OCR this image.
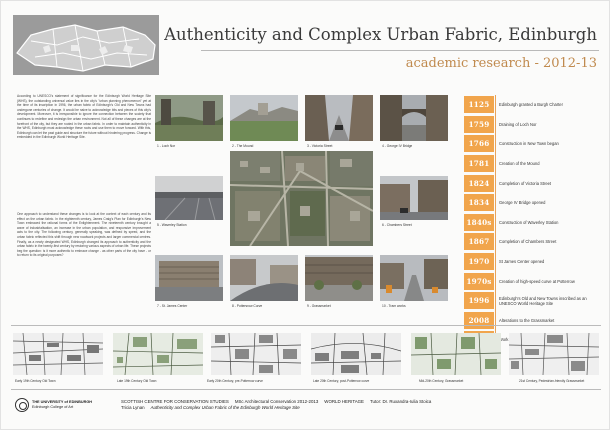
Authenticity and Complex Urban Fabric, Edinburgh
academic research - 2012-13

According to UNESCO's statement of significance for the Edinburgh World Heritage Site (WHS), the outstanding universal value lies in the city's "urban planning phenomenon" yet at the time of its inscription in 1996, the urban fabric of Edinburgh's Old and New Towns had undergone centuries of change. It would be naive to acknowledge bits and pieces of this city's development. Moreover, it is irresponsible to ignore the connection between the society that continues to redefine and redesign the urban environment. Not all of these changes are at the forefront of the city, but they are rooted in the urban fabric. In order to maintain authenticity in the WHS, Edinburgh must acknowledge these roots and use them to move forward. With this, Edinburgh can let the past guide and structure the future without hindering progress. Change is embedded in the Edinburgh World Heritage Site.

One approach to understand these changes is to look at the context of each century and its effect on the urban fabric. In the eighteenth century, James Craig's Plan for Edinburgh's New Town embraced the rational forms of the Enlightenment. The nineteenth century brought a wave of industrialisation, an increase in the urban population, and responsive improvement acts to the city. The following century, generally speaking, was defined by speed, and the urban fabric reflected this shift through new roadwork projects and larger commercial centres. Finally, as a newly designated WHS, Edinburgh changed its approach to authenticity and the urban fabric in the twenty-first century by restoring various aspects of urban life. These projects beg the question: is it more authentic to embrace change - as other parts of the city have - or to return to its original purposes?

1 - Loch Nor	2 - The Mound	3 - Victoria Street	4 - George IV Bridge
5 - Waverley Station	6 - Chambers Street
7 - St. James Center	8 - Pottersrow Curve	9 - Grassmarket	10 - Tram works
1125	Edinburgh granted a Burgh Charter
1759	Draining of Loch Nor
1766	Construction in New Town began
1781	Creation of the Mound
1824	Completion of Victoria Street
1834	George IV Bridge opened
1840s	Construction of Waverley Station
1867	Completion of Chambers Street
1970	St James Center opened
1970s	Creation of high-speed curve at Potterrow
1996	Edinburgh's Old and New Towns inscribed as an UNESCO World Heritage Site
2008	Alterations to the Grassmarket
Work
Early 19th Century Old Town	Late 19th Century Old Town	Early 20th Century, pre-Potterrow curve	Late 20th Century, post-Potterrow curve	Mid-20th Century, Grassmarket	21st Century, Pedestrian-friendly Grassmarket
THE UNIVERSITY of EDINBURGH
Edinburgh College of Art
SCOTTISH CENTRE FOR CONSERVATION STUDIES MSc Architectural Conservation 2012-2013 WORLD HERITAGE Tutor: Dr. Ruxandra-Iulia Stoica
Tricia Lynan Authenticity and Complex Urban Fabric of the Edinburgh World Heritage Site
